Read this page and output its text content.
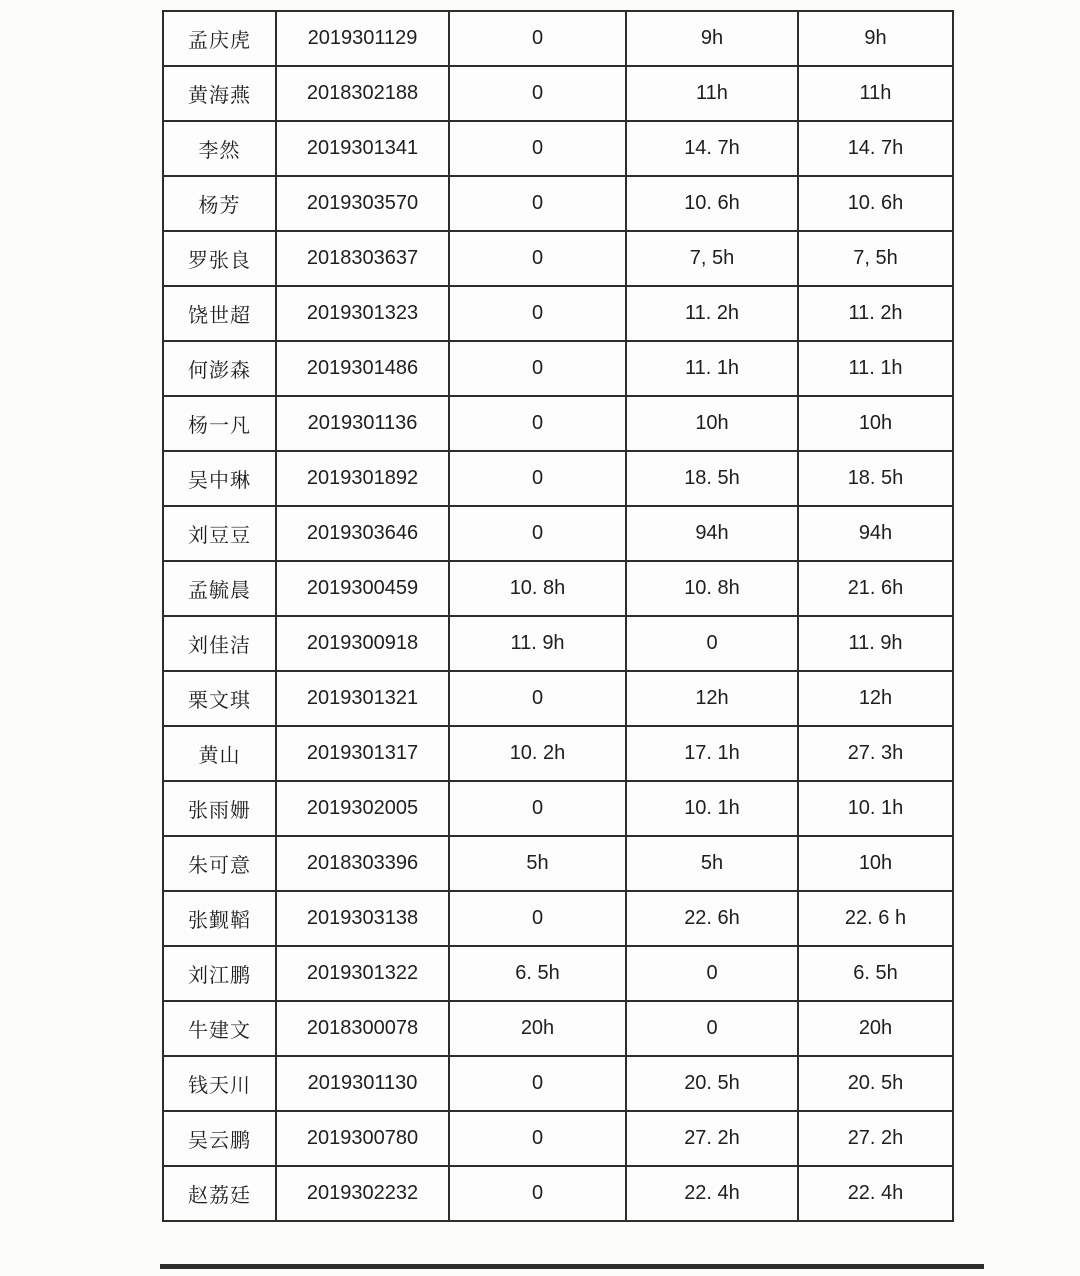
孟庆虎	2019301129	0	9h	9h
黄海燕	2018302188	0	11h	11h
李然	2019301341	0	14. 7h	14. 7h
杨芳	2019303570	0	10. 6h	10. 6h
罗张良	2018303637	0	7, 5h	7, 5h
饶世超	2019301323	0	11. 2h	11. 2h
何澎森	2019301486	0	11. 1h	11. 1h
杨一凡	2019301136	0	10h	10h
吴中琳	2019301892	0	18. 5h	18. 5h
刘豆豆	2019303646	0	94h	94h
孟毓晨	2019300459	10. 8h	10. 8h	21. 6h
刘佳洁	2019300918	11. 9h	0	11. 9h
栗文琪	2019301321	0	12h	12h
黄山	2019301317	10. 2h	17. 1h	27. 3h
张雨姗	2019302005	0	10. 1h	10. 1h
朱可意	2018303396	5h	5h	10h
张觐鞱	2019303138	0	22. 6h	22. 6 h
刘江鹏	2019301322	6. 5h	0	6. 5h
牛建文	2018300078	20h	0	20h
钱天川	2019301130	0	20. 5h	20. 5h
吴云鹏	2019300780	0	27. 2h	27. 2h
赵荔廷	2019302232	0	22. 4h	22. 4h
